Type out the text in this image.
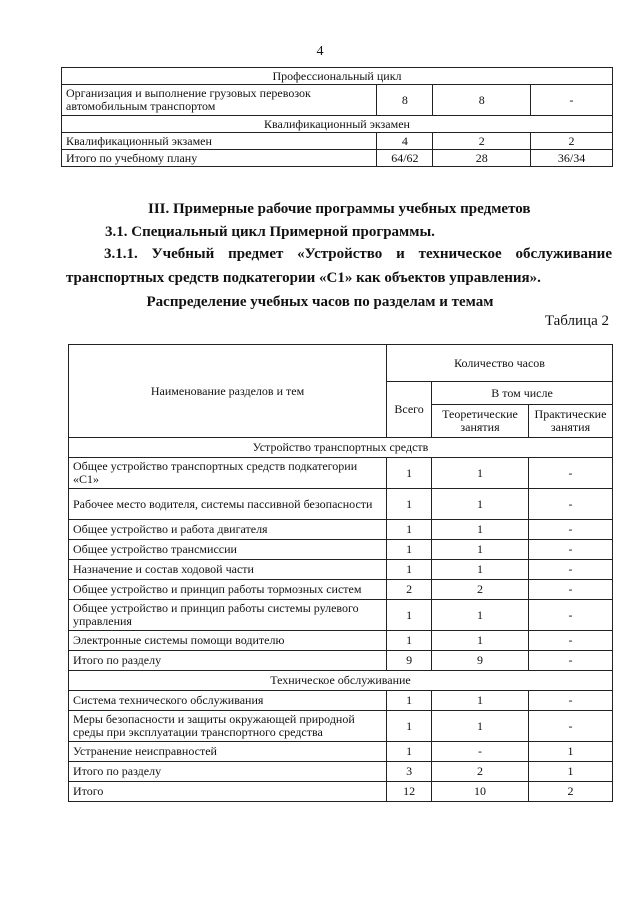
4
Профессиональный цикл			
Организация и выполнение грузовых перевозок автомобильным транспортом	8	8	-
Квалификационный экзамен			
Квалификационный экзамен	4	2	2
Итого по учебному плану	64/62	28	36/34
III. Примерные рабочие программы учебных предметов
3.1. Специальный цикл Примерной программы.
3.1.1. Учебный предмет «Устройство и техническое обслуживание
транспортных средств подкатегории «С1» как объектов управления».
Распределение учебных часов по разделам и темам
Таблица 2
Наименование разделов и тем	Количество часов		
	Всего	В том числе	
		Теоретические занятия	Практические занятия
Устройство транспортных средств			
Общее устройство транспортных средств подкатегории «С1»	1	1	-
Рабочее место водителя, системы пассивной безопасности	1	1	-
Общее устройство и работа двигателя	1	1	-
Общее устройство трансмиссии	1	1	-
Назначение и состав ходовой части	1	1	-
Общее устройство и принцип работы тормозных систем	2	2	-
Общее устройство и принцип работы системы рулевого управления	1	1	-
Электронные системы помощи водителю	1	1	-
Итого по разделу	9	9	-
Техническое обслуживание			
Система технического обслуживания	1	1	-
Меры безопасности и защиты окружающей природной среды при эксплуатации транспортного средства	1	1	-
Устранение неисправностей	1	-	1
Итого по разделу	3	2	1
Итого	12	10	2
